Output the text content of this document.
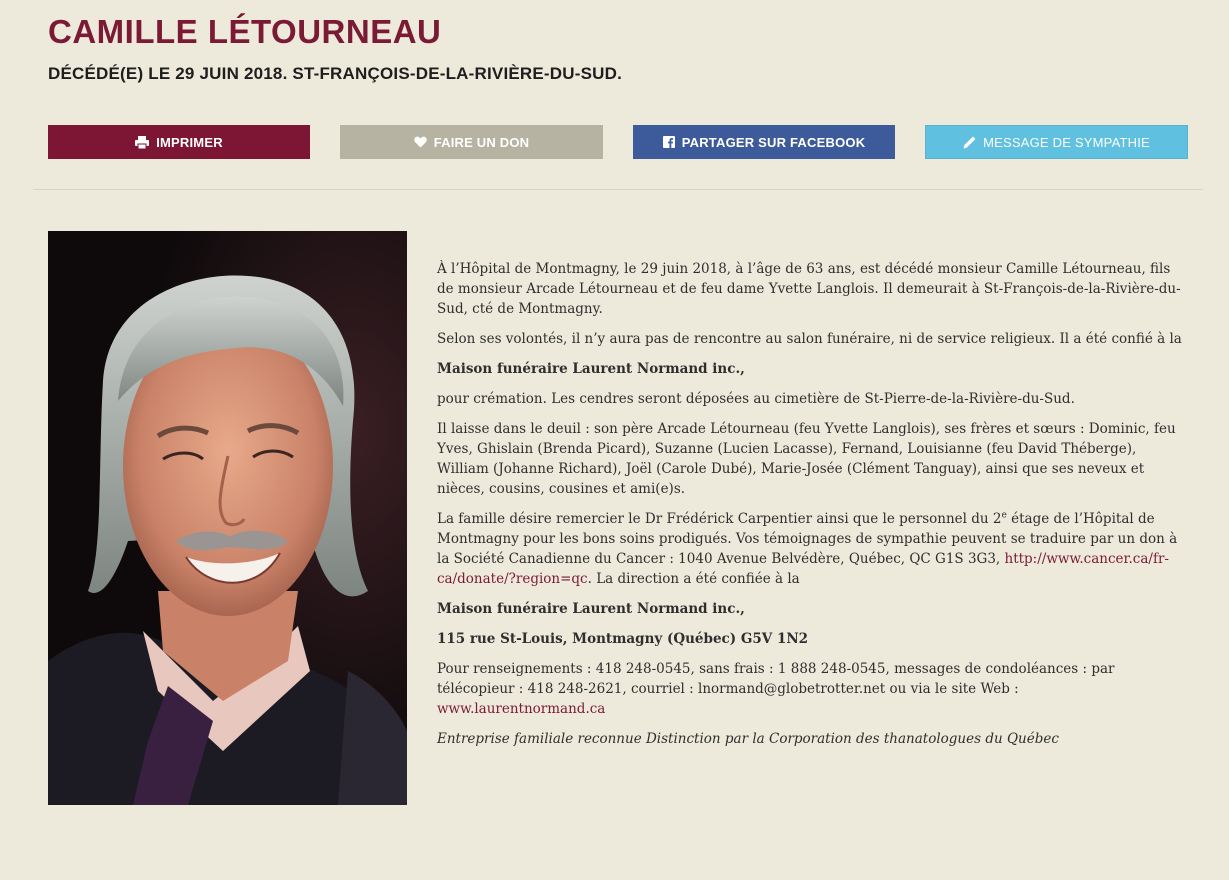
CAMILLE LÉTOURNEAU
DÉCÉDÉ(E) LE 29 JUIN 2018. ST-FRANÇOIS-DE-LA-RIVIÈRE-DU-SUD.
IMPRIMER	FAIRE UN DON	PARTAGER SUR FACEBOOK	MESSAGE DE SYMPATHIE

À l’Hôpital de Montmagny, le 29 juin 2018, à l’âge de 63 ans, est décédé monsieur Camille Létourneau, fils de monsieur Arcade Létourneau et de feu dame Yvette Langlois. Il demeurait à St-François-de-la-Rivière-du-Sud, cté de Montmagny.

Selon ses volontés, il n’y aura pas de rencontre au salon funéraire, ni de service religieux. Il a été confié à la

Maison funéraire Laurent Normand inc.,

pour crémation. Les cendres seront déposées au cimetière de St-Pierre-de-la-Rivière-du-Sud.

Il laisse dans le deuil : son père Arcade Létourneau (feu Yvette Langlois), ses frères et sœurs : Dominic, feu Yves, Ghislain (Brenda Picard), Suzanne (Lucien Lacasse), Fernand, Louisianne (feu David Théberge), William (Johanne Richard), Joël (Carole Dubé), Marie-Josée (Clément Tanguay), ainsi que ses neveux et nièces, cousins, cousines et ami(e)s.

La famille désire remercier le Dr Frédérick Carpentier ainsi que le personnel du 2e étage de l’Hôpital de Montmagny pour les bons soins prodigués. Vos témoignages de sympathie peuvent se traduire par un don à la Société Canadienne du Cancer : 1040 Avenue Belvédère, Québec, QC G1S 3G3, http://www.cancer.ca/fr-ca/donate/?region=qc. La direction a été confiée à la

Maison funéraire Laurent Normand inc.,

115 rue St-Louis, Montmagny (Québec) G5V 1N2

Pour renseignements : 418 248-0545, sans frais : 1 888 248-0545, messages de condoléances : par télécopieur : 418 248-2621, courriel : lnormand@globetrotter.net ou via le site Web : www.laurentnormand.ca

Entreprise familiale reconnue Distinction par la Corporation des thanatologues du Québec
